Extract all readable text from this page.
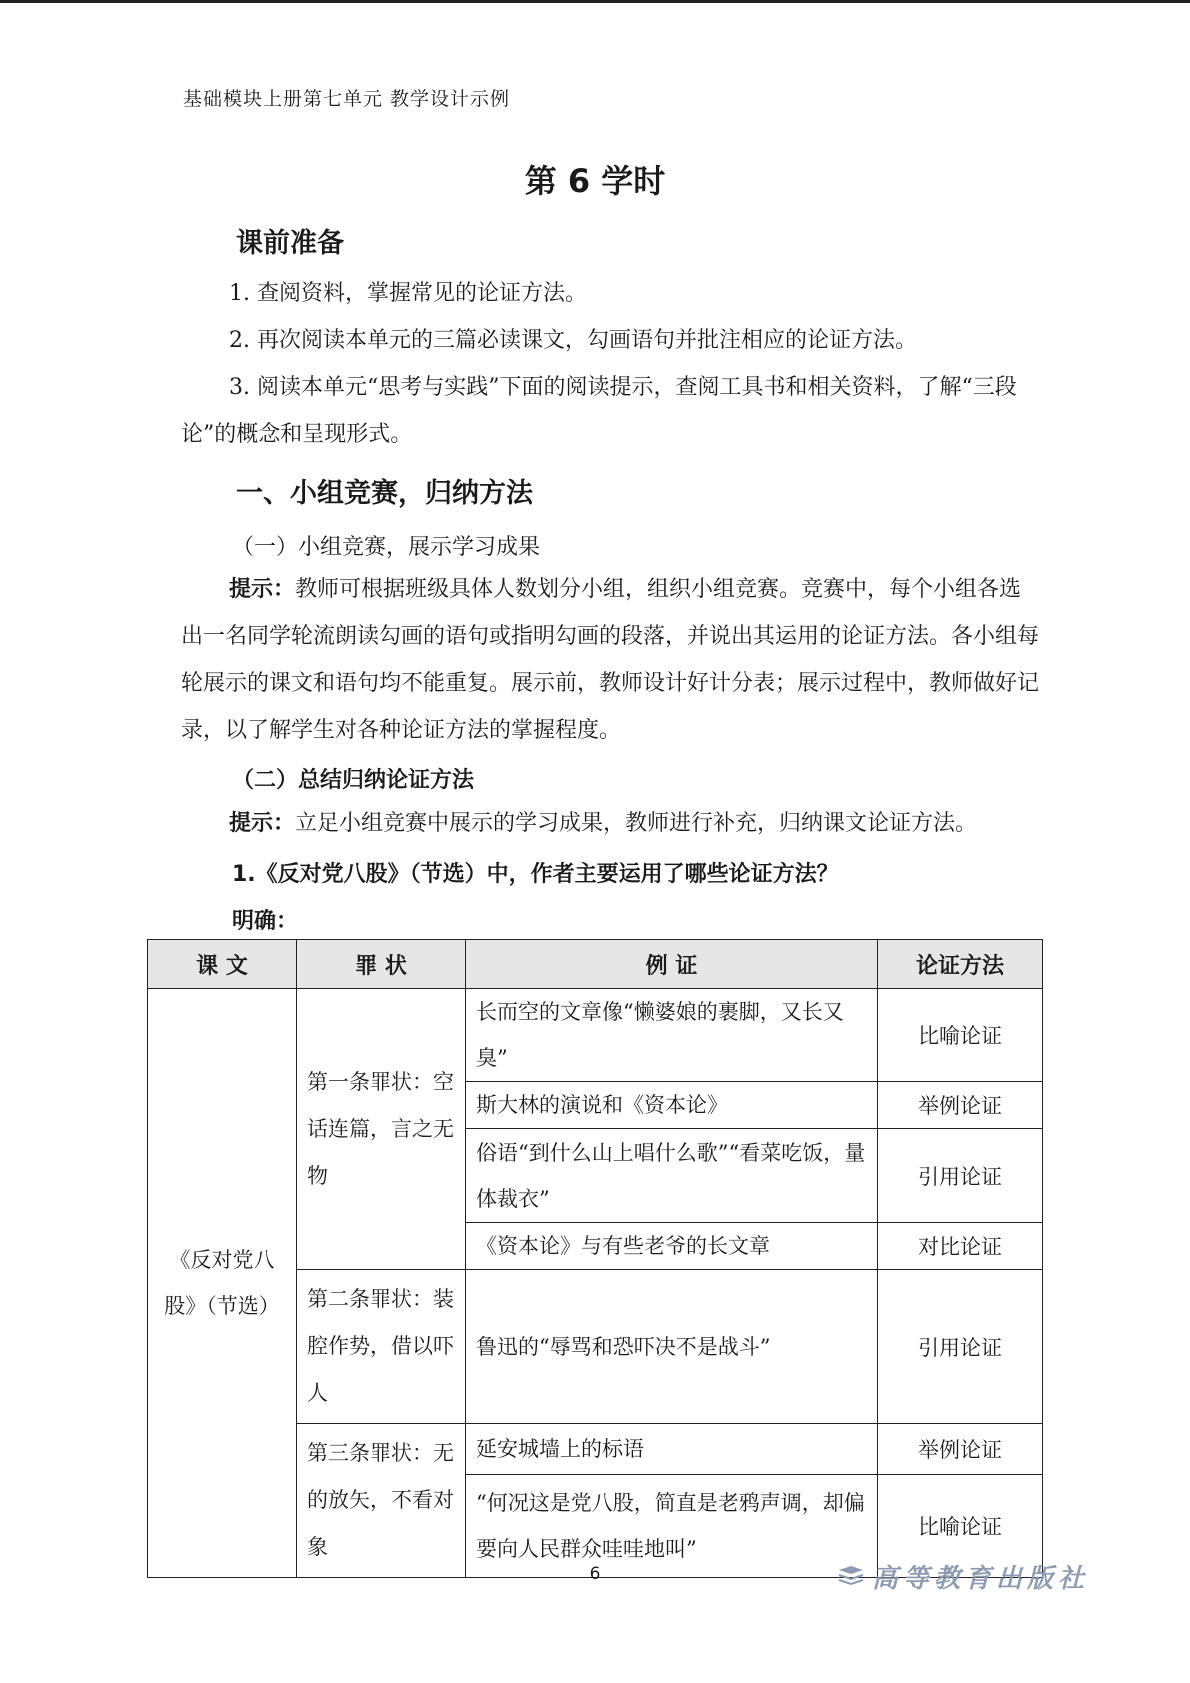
基础模块上册第七单元 教学设计示例
第 6 学时
课前准备
1. 查阅资料，掌握常见的论证方法。
2. 再次阅读本单元的三篇必读课文，勾画语句并批注相应的论证方法。
3. 阅读本单元“思考与实践”下面的阅读提示，查阅工具书和相关资料，了解“三段论”的概念和呈现形式。
一、小组竞赛，归纳方法
（一）小组竞赛，展示学习成果
提示：教师可根据班级具体人数划分小组，组织小组竞赛。竞赛中，每个小组各选出一名同学轮流朗读勾画的语句或指明勾画的段落，并说出其运用的论证方法。各小组每轮展示的课文和语句均不能重复。展示前，教师设计好计分表；展示过程中，教师做好记录，以了解学生对各种论证方法的掌握程度。
（二）总结归纳论证方法
提示：立足小组竞赛中展示的学习成果，教师进行补充，归纳课文论证方法。
1.《反对党八股》（节选）中，作者主要运用了哪些论证方法？
明确：
课 文	罪 状	例 证	论证方法
《反对党八股》（节选）	第一条罪状：空话连篇，言之无物	长而空的文章像“懒婆娘的裹脚，又长又臭”	比喻论证
		斯大林的演说和《资本论》	举例论证
		俗语“到什么山上唱什么歌”“看菜吃饭，量体裁衣”	引用论证
		《资本论》与有些老爷的长文章	对比论证
	第二条罪状：装腔作势，借以吓人	鲁迅的“辱骂和恐吓决不是战斗”	引用论证
	第三条罪状：无的放矢，不看对象	延安城墙上的标语	举例论证
		“何况这是党八股，简直是老鸦声调，却偏要向人民群众哇哇地叫”	比喻论证
6	高等教育出版社
